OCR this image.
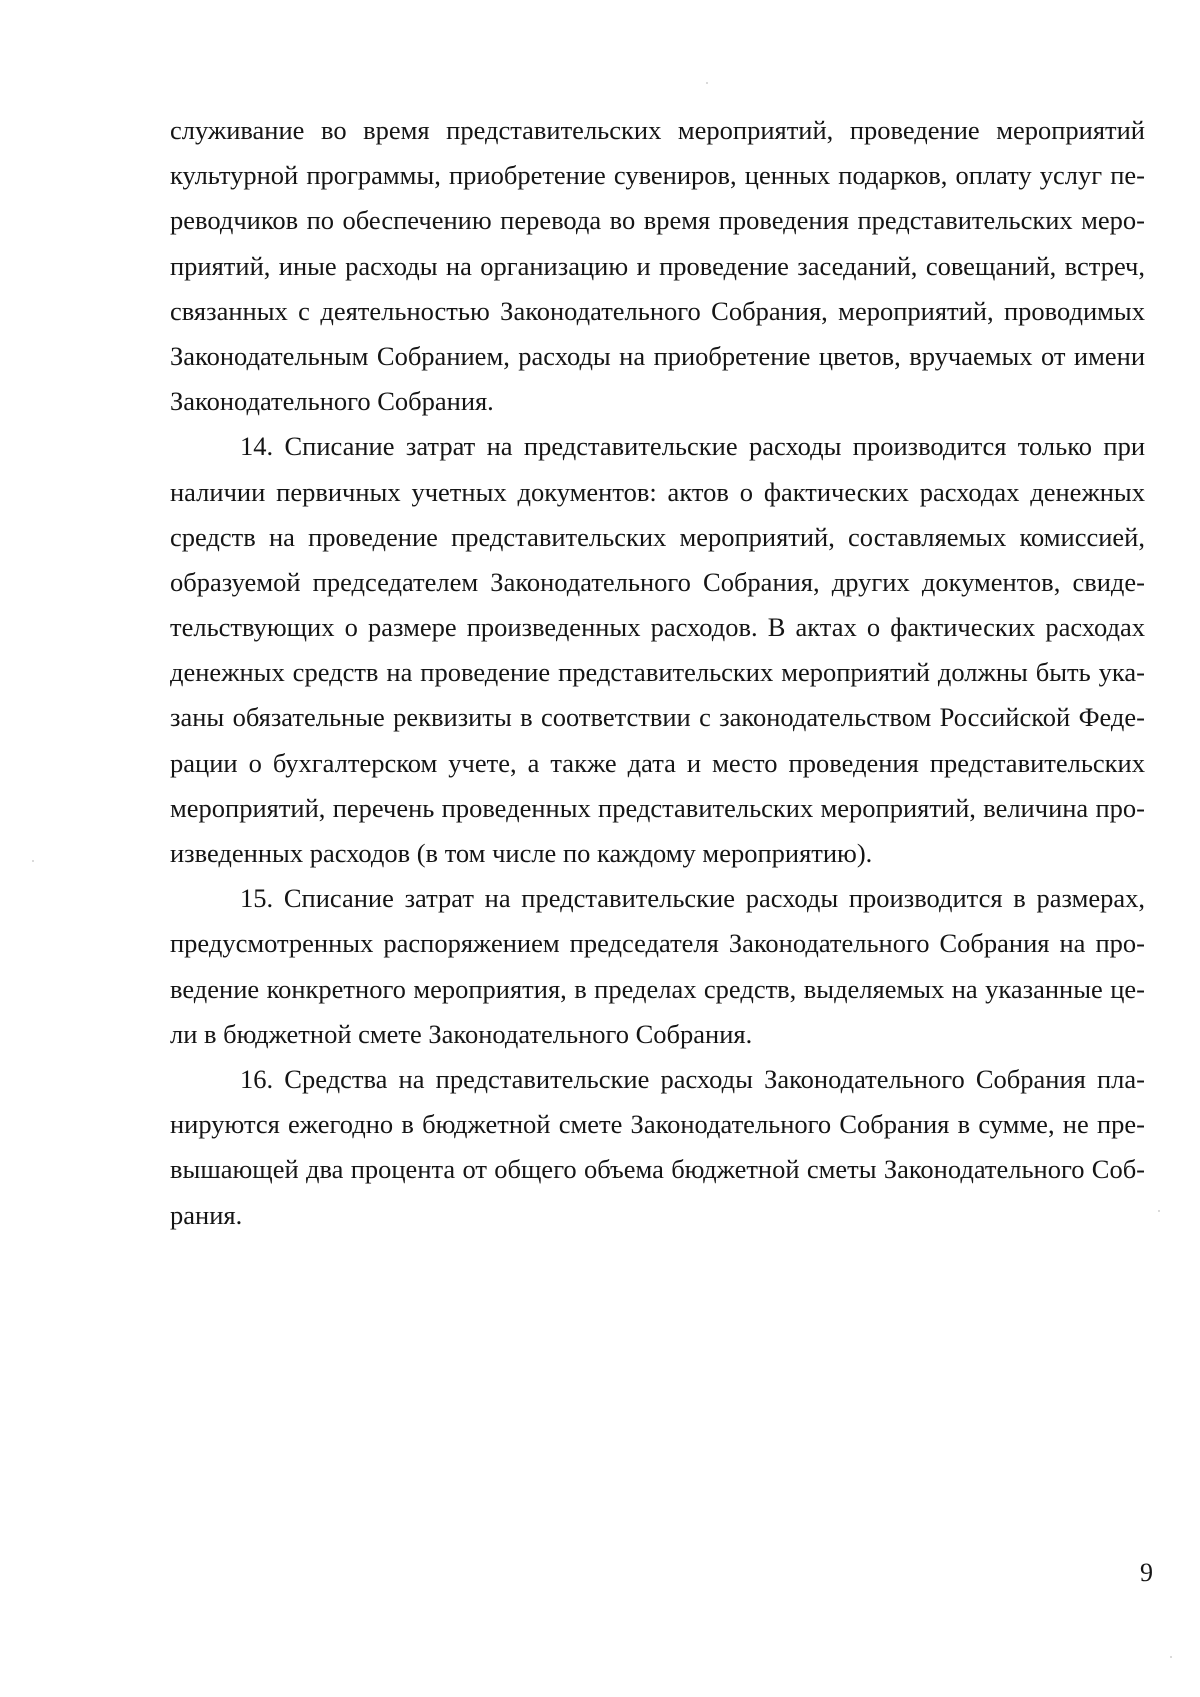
служивание во время представительских мероприятий, проведение мероприятий
культурной программы, приобретение сувениров, ценных подарков, оплату услуг пе-
реводчиков по обеспечению перевода во время проведения представительских меро-
приятий, иные расходы на организацию и проведение заседаний, совещаний, встреч,
связанных с деятельностью Законодательного Собрания, мероприятий, проводимых
Законодательным Собранием, расходы на приобретение цветов, вручаемых от имени
Законодательного Собрания.
14. Списание затрат на представительские расходы производится только при
наличии первичных учетных документов: актов о фактических расходах денежных
средств на проведение представительских мероприятий, составляемых комиссией,
образуемой председателем Законодательного Собрания, других документов, свиде-
тельствующих о размере произведенных расходов. В актах о фактических расходах
денежных средств на проведение представительских мероприятий должны быть ука-
заны обязательные реквизиты в соответствии с законодательством Российской Феде-
рации о бухгалтерском учете, а также дата и место проведения представительских
мероприятий, перечень проведенных представительских мероприятий, величина про-
изведенных расходов (в том числе по каждому мероприятию).
15. Списание затрат на представительские расходы производится в размерах,
предусмотренных распоряжением председателя Законодательного Собрания на про-
ведение конкретного мероприятия, в пределах средств, выделяемых на указанные це-
ли в бюджетной смете Законодательного Собрания.
16. Средства на представительские расходы Законодательного Собрания пла-
нируются ежегодно в бюджетной смете Законодательного Собрания в сумме, не пре-
вышающей два процента от общего объема бюджетной сметы Законодательного Соб-
рания.
9
